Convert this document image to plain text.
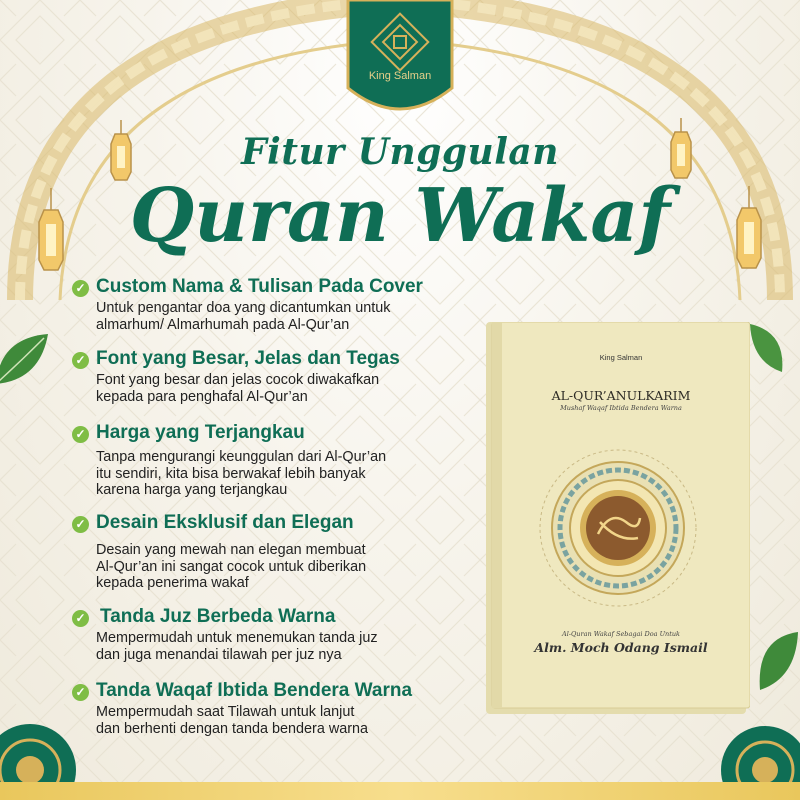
King Salman
Fitur Unggulan
Quran Wakaf
✓ Custom Nama & Tulisan Pada Cover
Untuk pengantar doa yang dicantumkan untuk
almarhum/ Almarhumah pada Al-Qur’an
✓ Font yang Besar, Jelas dan Tegas
Font yang besar dan jelas cocok diwakafkan
kepada para penghafal Al-Qur’an
✓ Harga yang Terjangkau
Tanpa mengurangi keunggulan dari Al-Qur’an
itu sendiri, kita bisa berwakaf lebih banyak
karena harga yang terjangkau
✓ Desain Eksklusif dan Elegan
Desain yang mewah nan elegan membuat
Al-Qur’an ini sangat cocok untuk diberikan
kepada penerima wakaf
✓ Tanda Juz Berbeda Warna
Mempermudah untuk menemukan tanda juz
dan juga menandai tilawah per juz nya
✓ Tanda Waqaf Ibtida Bendera Warna
Mempermudah saat Tilawah untuk lanjut
dan berhenti dengan tanda bendera warna
King Salman
AL-QUR’ANULKARIM
Mushaf Waqaf Ibtida Bendera Warna
Al-Quran Wakaf Sebagai Doa Untuk
Alm. Moch Odang Ismail
